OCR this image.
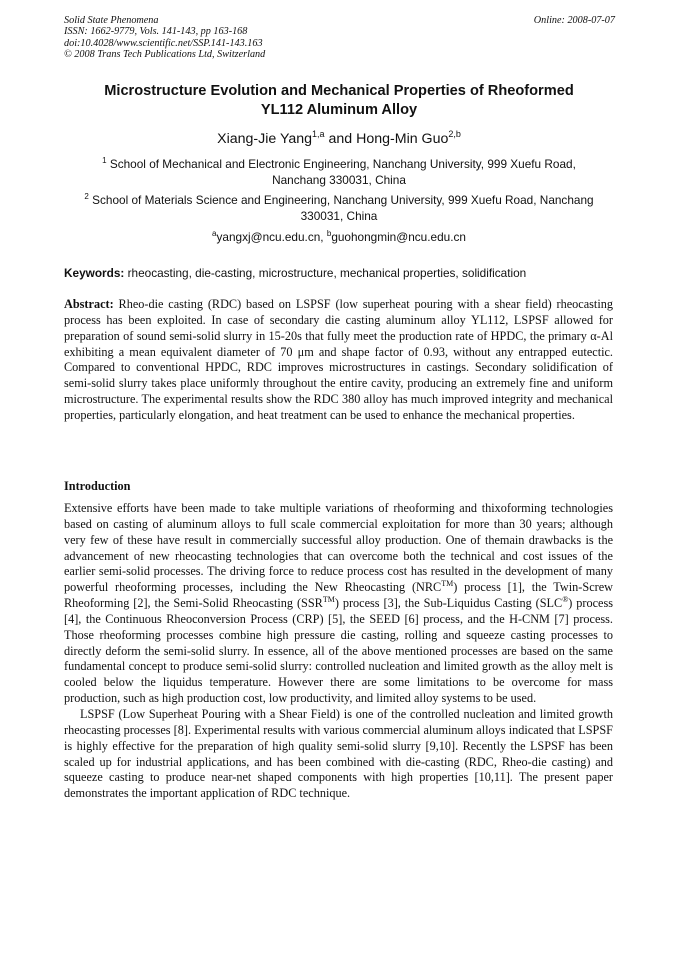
Solid State Phenomena
ISSN: 1662-9779, Vols. 141-143, pp 163-168
doi:10.4028/www.scientific.net/SSP.141-143.163
© 2008 Trans Tech Publications Ltd, Switzerland
Online: 2008-07-07
Microstructure Evolution and Mechanical Properties of Rheoformed
YL112 Aluminum Alloy
Xiang-Jie Yang$^{1,a}$ and Hong-Min Guo$^{2,b}$
$^1$ School of Mechanical and Electronic Engineering, Nanchang University, 999 Xuefu Road,
Nanchang 330031, China
$^2$ School of Materials Science and Engineering, Nanchang University, 999 Xuefu Road, Nanchang
330031, China
$^a$yangxj@ncu.edu.cn, $^b$guohongmin@ncu.edu.cn
Keywords: rheocasting, die-casting, microstructure, mechanical properties, solidification
Abstract: Rheo-die casting (RDC) based on LSPSF (low superheat pouring with a shear field) rheocasting process has been exploited. In case of secondary die casting aluminum alloy YL112, LSPSF allowed for preparation of sound semi-solid slurry in 15-20s that fully meet the production rate of HPDC, the primary α-Al exhibiting a mean equivalent diameter of 70 μm and shape factor of 0.93, without any entrapped eutectic. Compared to conventional HPDC, RDC improves microstructures in castings. Secondary solidification of semi-solid slurry takes place uniformly throughout the entire cavity, producing an extremely fine and uniform microstructure. The experimental results show the RDC 380 alloy has much improved integrity and mechanical properties, particularly elongation, and heat treatment can be used to enhance the mechanical properties.
Introduction

Extensive efforts have been made to take multiple variations of rheoforming and thixoforming technologies based on casting of aluminum alloys to full scale commercial exploitation for more than 30 years; although very few of these have result in commercially successful alloy production. One of themain drawbacks is the advancement of new rheocasting technologies that can overcome both the technical and cost issues of the earlier semi-solid processes. The driving force to reduce process cost has resulted in the development of many powerful rheoforming processes, including the New Rheocasting (NRC™) process [1], the Twin-Screw Rheoforming [2], the Semi-Solid Rheocasting (SSR™) process [3], the Sub-Liquidus Casting (SLC®) process [4], the Continuous Rheoconversion Process (CRP) [5], the SEED [6] process, and the H-CNM [7] process. Those rheoforming processes combine high pressure die casting, rolling and squeeze casting processes to directly deform the semi-solid slurry. In essence, all of the above mentioned processes are based on the same fundamental concept to produce semi-solid slurry: controlled nucleation and limited growth as the alloy melt is cooled below the liquidus temperature. However there are some limitations to be overcome for mass production, such as high production cost, low productivity, and limited alloy systems to be used.

LSPSF (Low Superheat Pouring with a Shear Field) is one of the controlled nucleation and limited growth rheocasting processes [8]. Experimental results with various commercial aluminum alloys indicated that LSPSF is highly effective for the preparation of high quality semi-solid slurry [9,10]. Recently the LSPSF has been scaled up for industrial applications, and has been combined with die-casting (RDC, Rheo-die casting) and squeeze casting to produce near-net shaped components with high properties [10,11]. The present paper demonstrates the important application of RDC technique.
